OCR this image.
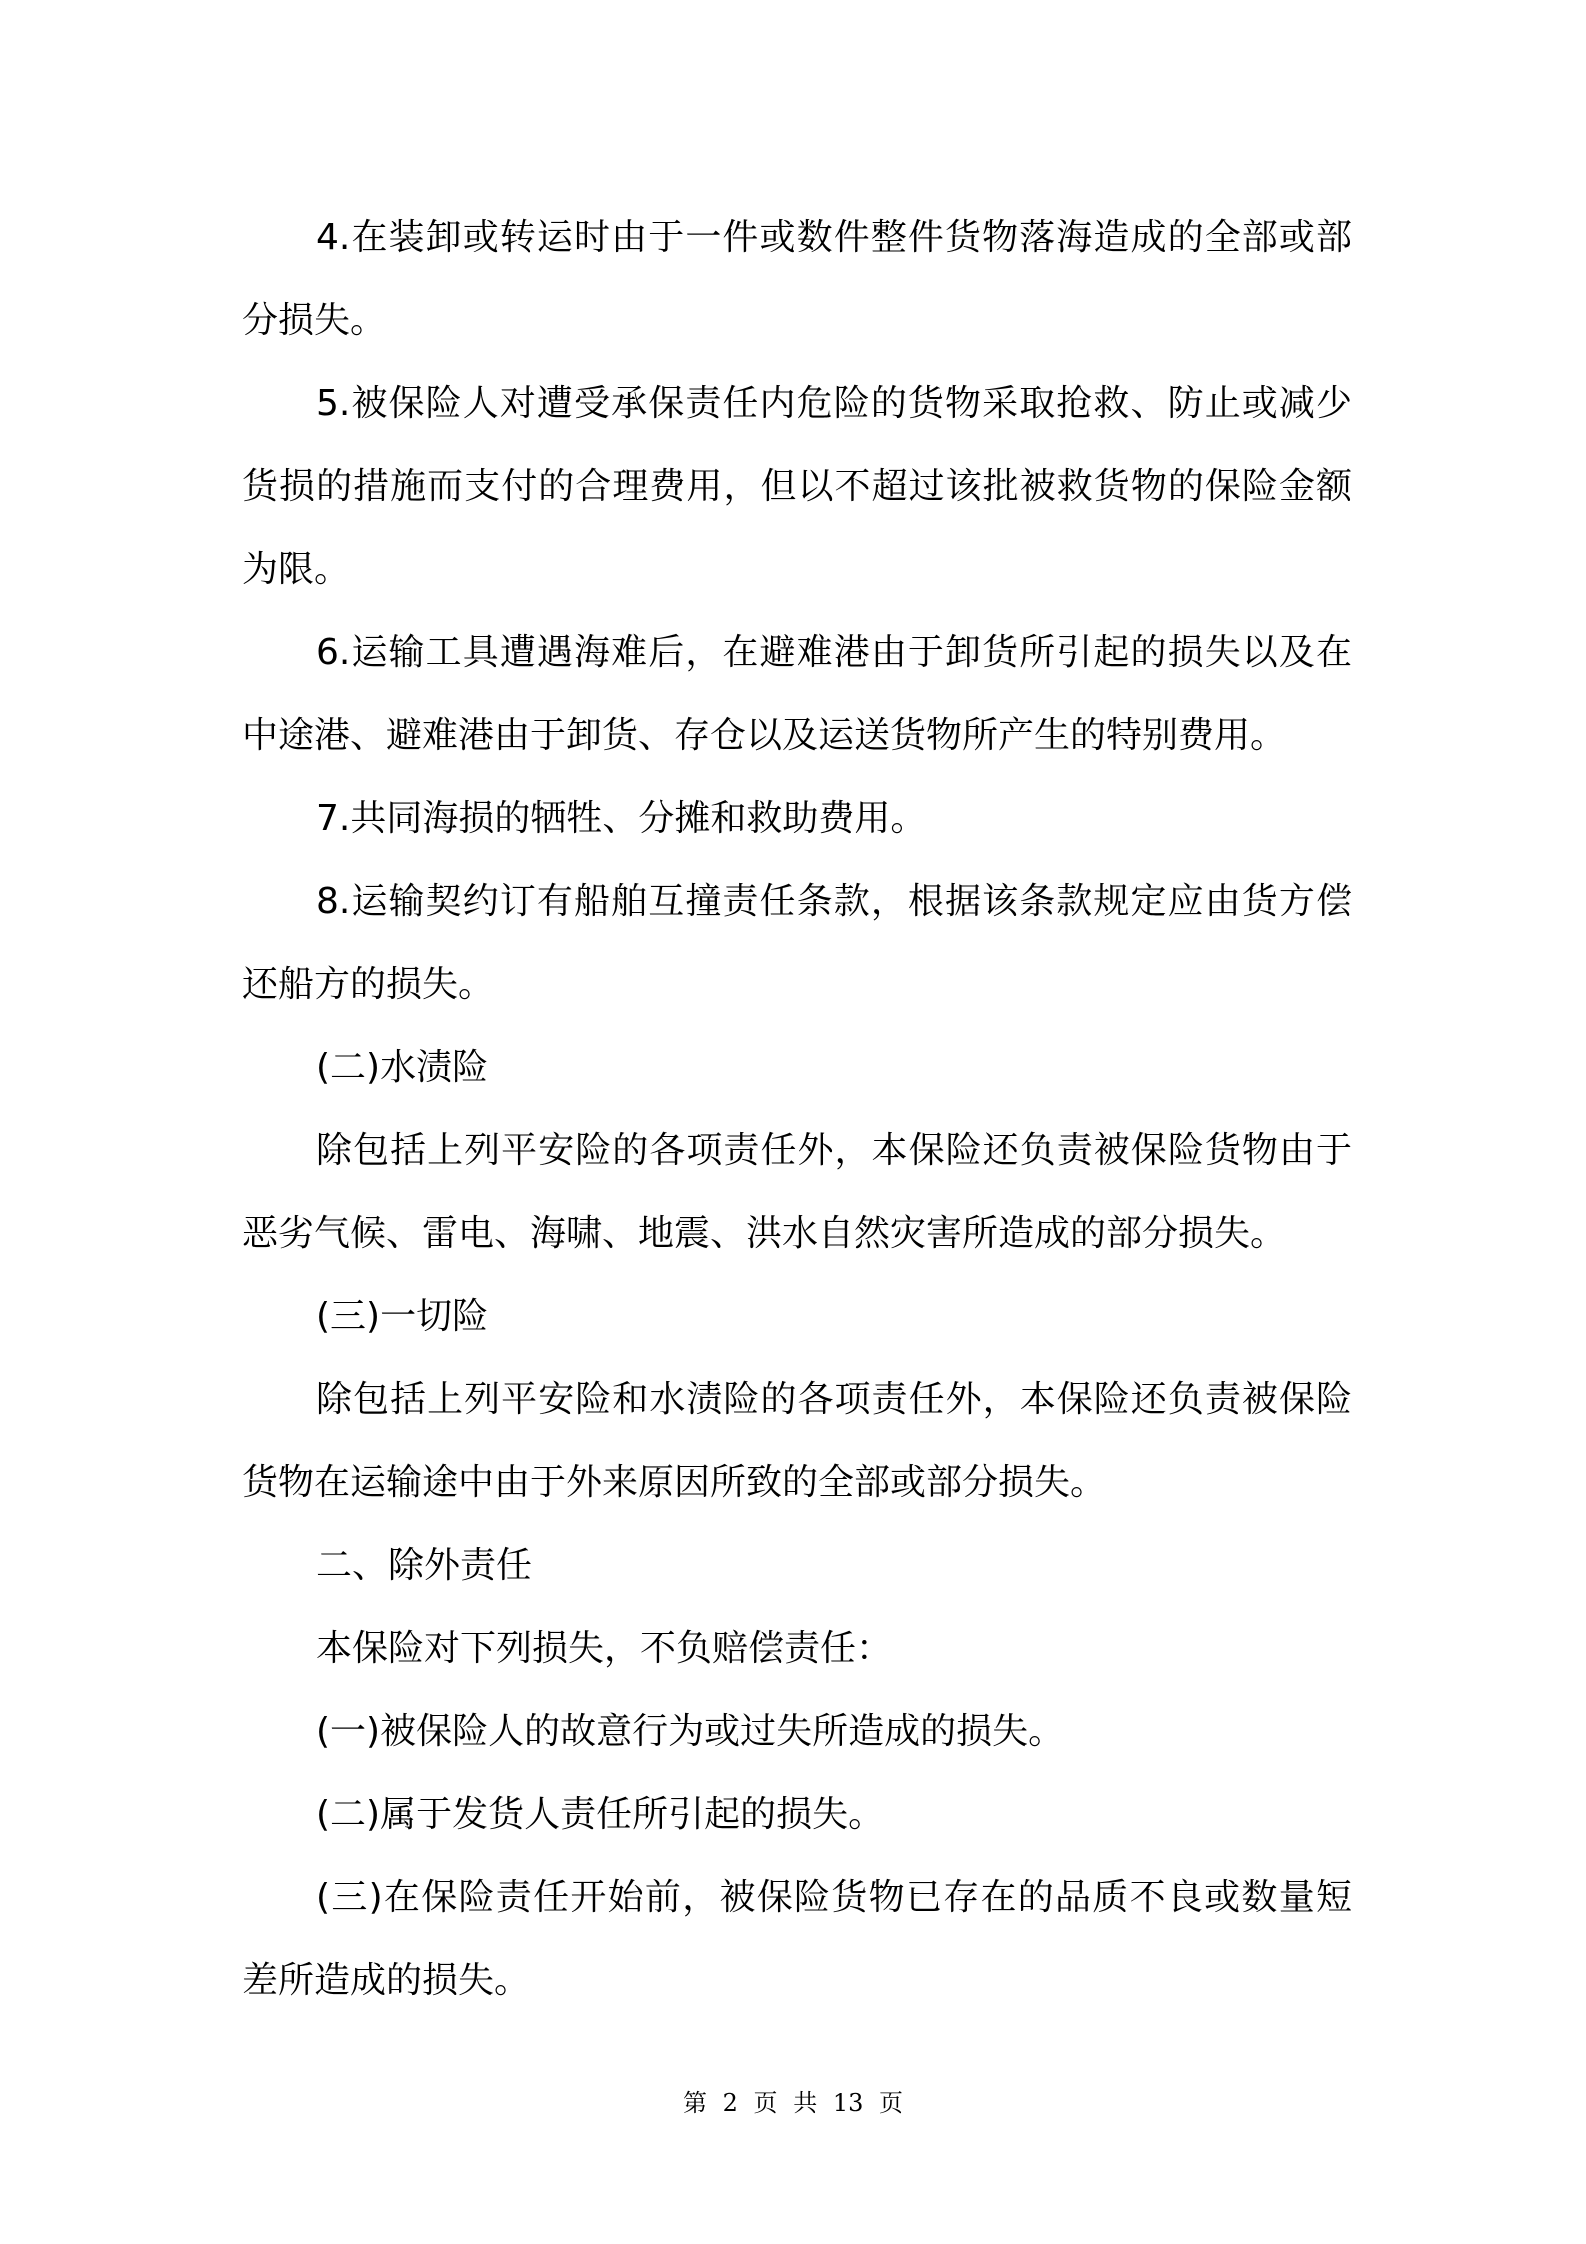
4.在装卸或转运时由于一件或数件整件货物落海造成的全部或部分损失。

5.被保险人对遭受承保责任内危险的货物采取抢救、防止或减少货损的措施而支付的合理费用，但以不超过该批被救货物的保险金额为限。

6.运输工具遭遇海难后，在避难港由于卸货所引起的损失以及在中途港、避难港由于卸货、存仓以及运送货物所产生的特别费用。

7.共同海损的牺牲、分摊和救助费用。

8.运输契约订有船舶互撞责任条款，根据该条款规定应由货方偿还船方的损失。

(二)水渍险

除包括上列平安险的各项责任外，本保险还负责被保险货物由于恶劣气候、雷电、海啸、地震、洪水自然灾害所造成的部分损失。

(三)一切险

除包括上列平安险和水渍险的各项责任外，本保险还负责被保险货物在运输途中由于外来原因所致的全部或部分损失。

二、除外责任

本保险对下列损失，不负赔偿责任：

(一)被保险人的故意行为或过失所造成的损失。

(二)属于发货人责任所引起的损失。

(三)在保险责任开始前，被保险货物已存在的品质不良或数量短差所造成的损失。

第 2 页 共 13 页
